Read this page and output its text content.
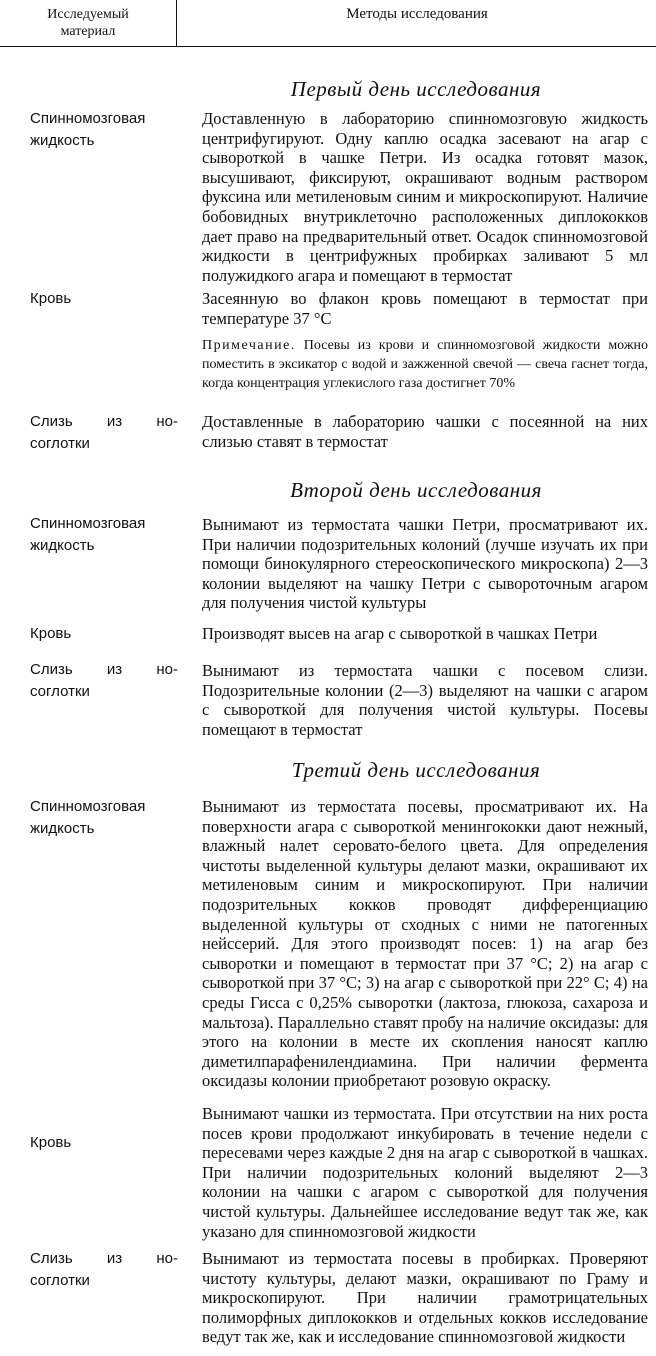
Исследуемый
материал
Методы исследования
Первый день исследования
Спинномозговая
жидкость
Доставленную в лабораторию спинномозговую жидкость центрифугируют. Одну каплю осадка засевают на агар с сывороткой в чашке Петри. Из осадка готовят мазок, высушивают, фиксируют, окрашивают водным раствором фуксина или метиленовым синим и микроскопируют. Наличие бобовидных внутриклеточно расположенных диплококков дает право на предварительный ответ. Осадок спинномозговой жидкости в центрифужных пробирках заливают 5 мл полужидкого агара и помещают в термостат
Кровь	Засеянную во флакон кровь помещают в термостат при температуре 37 °С
Примечание. Посевы из крови и спинномозговой жидкости можно поместить в эксикатор с водой и зажженной свечой — свеча гаснет тогда, когда концентрация углекислого газа достигнет 70%
Слизь из но-
соглотки
Доставленные в лабораторию чашки с посеянной на них слизью ставят в термостат
Второй день исследования
Спинномозговая
жидкость
Вынимают из термостата чашки Петри, просматривают их. При наличии подозрительных колоний (лучше изучать их при помощи бинокулярного стереоскопического микроскопа) 2—3 колонии выделяют на чашку Петри с сывороточным агаром для получения чистой культуры
Кровь	Производят высев на агар с сывороткой в чашках Петри
Слизь из но-
соглотки
Вынимают из термостата чашки с посевом слизи. Подозрительные колонии (2—3) выделяют на чашки с агаром с сывороткой для получения чистой культуры. Посевы помещают в термостат
Третий день исследования
Спинномозговая
жидкость
Вынимают из термостата посевы, просматривают их. На поверхности агара с сывороткой менингококки дают нежный, влажный налет серовато-белого цвета. Для определения чистоты выделенной культуры делают мазки, окрашивают их метиленовым синим и микроскопируют. При наличии подозрительных кокков проводят дифференциацию выделенной культуры от сходных с ними не патогенных нейссерий. Для этого производят посев: 1) на агар без сыворотки и помещают в термостат при 37 °С; 2) на агар с сывороткой при 37 °С; 3) на агар с сывороткой при 22° С; 4) на среды Гисса с 0,25% сыворотки (лактоза, глюкоза, сахароза и мальтоза). Параллельно ставят пробу на наличие оксидазы: для этого на колонии в месте их скопления наносят каплю диметилпарафенилендиамина. При наличии фермента оксидазы колонии приобретают розовую окраску.
Кровь
Вынимают чашки из термостата. При отсутствии на них роста посев крови продолжают инкубировать в течение недели с пересевами через каждые 2 дня на агар с сывороткой в чашках. При наличии подозрительных колоний выделяют 2—3 колонии на чашки с агаром с сывороткой для получения чистой культуры. Дальнейшее исследование ведут так же, как указано для спинномозговой жидкости
Слизь из но-
соглотки
Вынимают из термостата посевы в пробирках. Проверяют чистоту культуры, делают мазки, окрашивают по Граму и микроскопируют. При наличии грамотрицательных полиморфных диплококков и отдельных кокков исследование ведут так же, как и исследование спинномозговой жидкости
